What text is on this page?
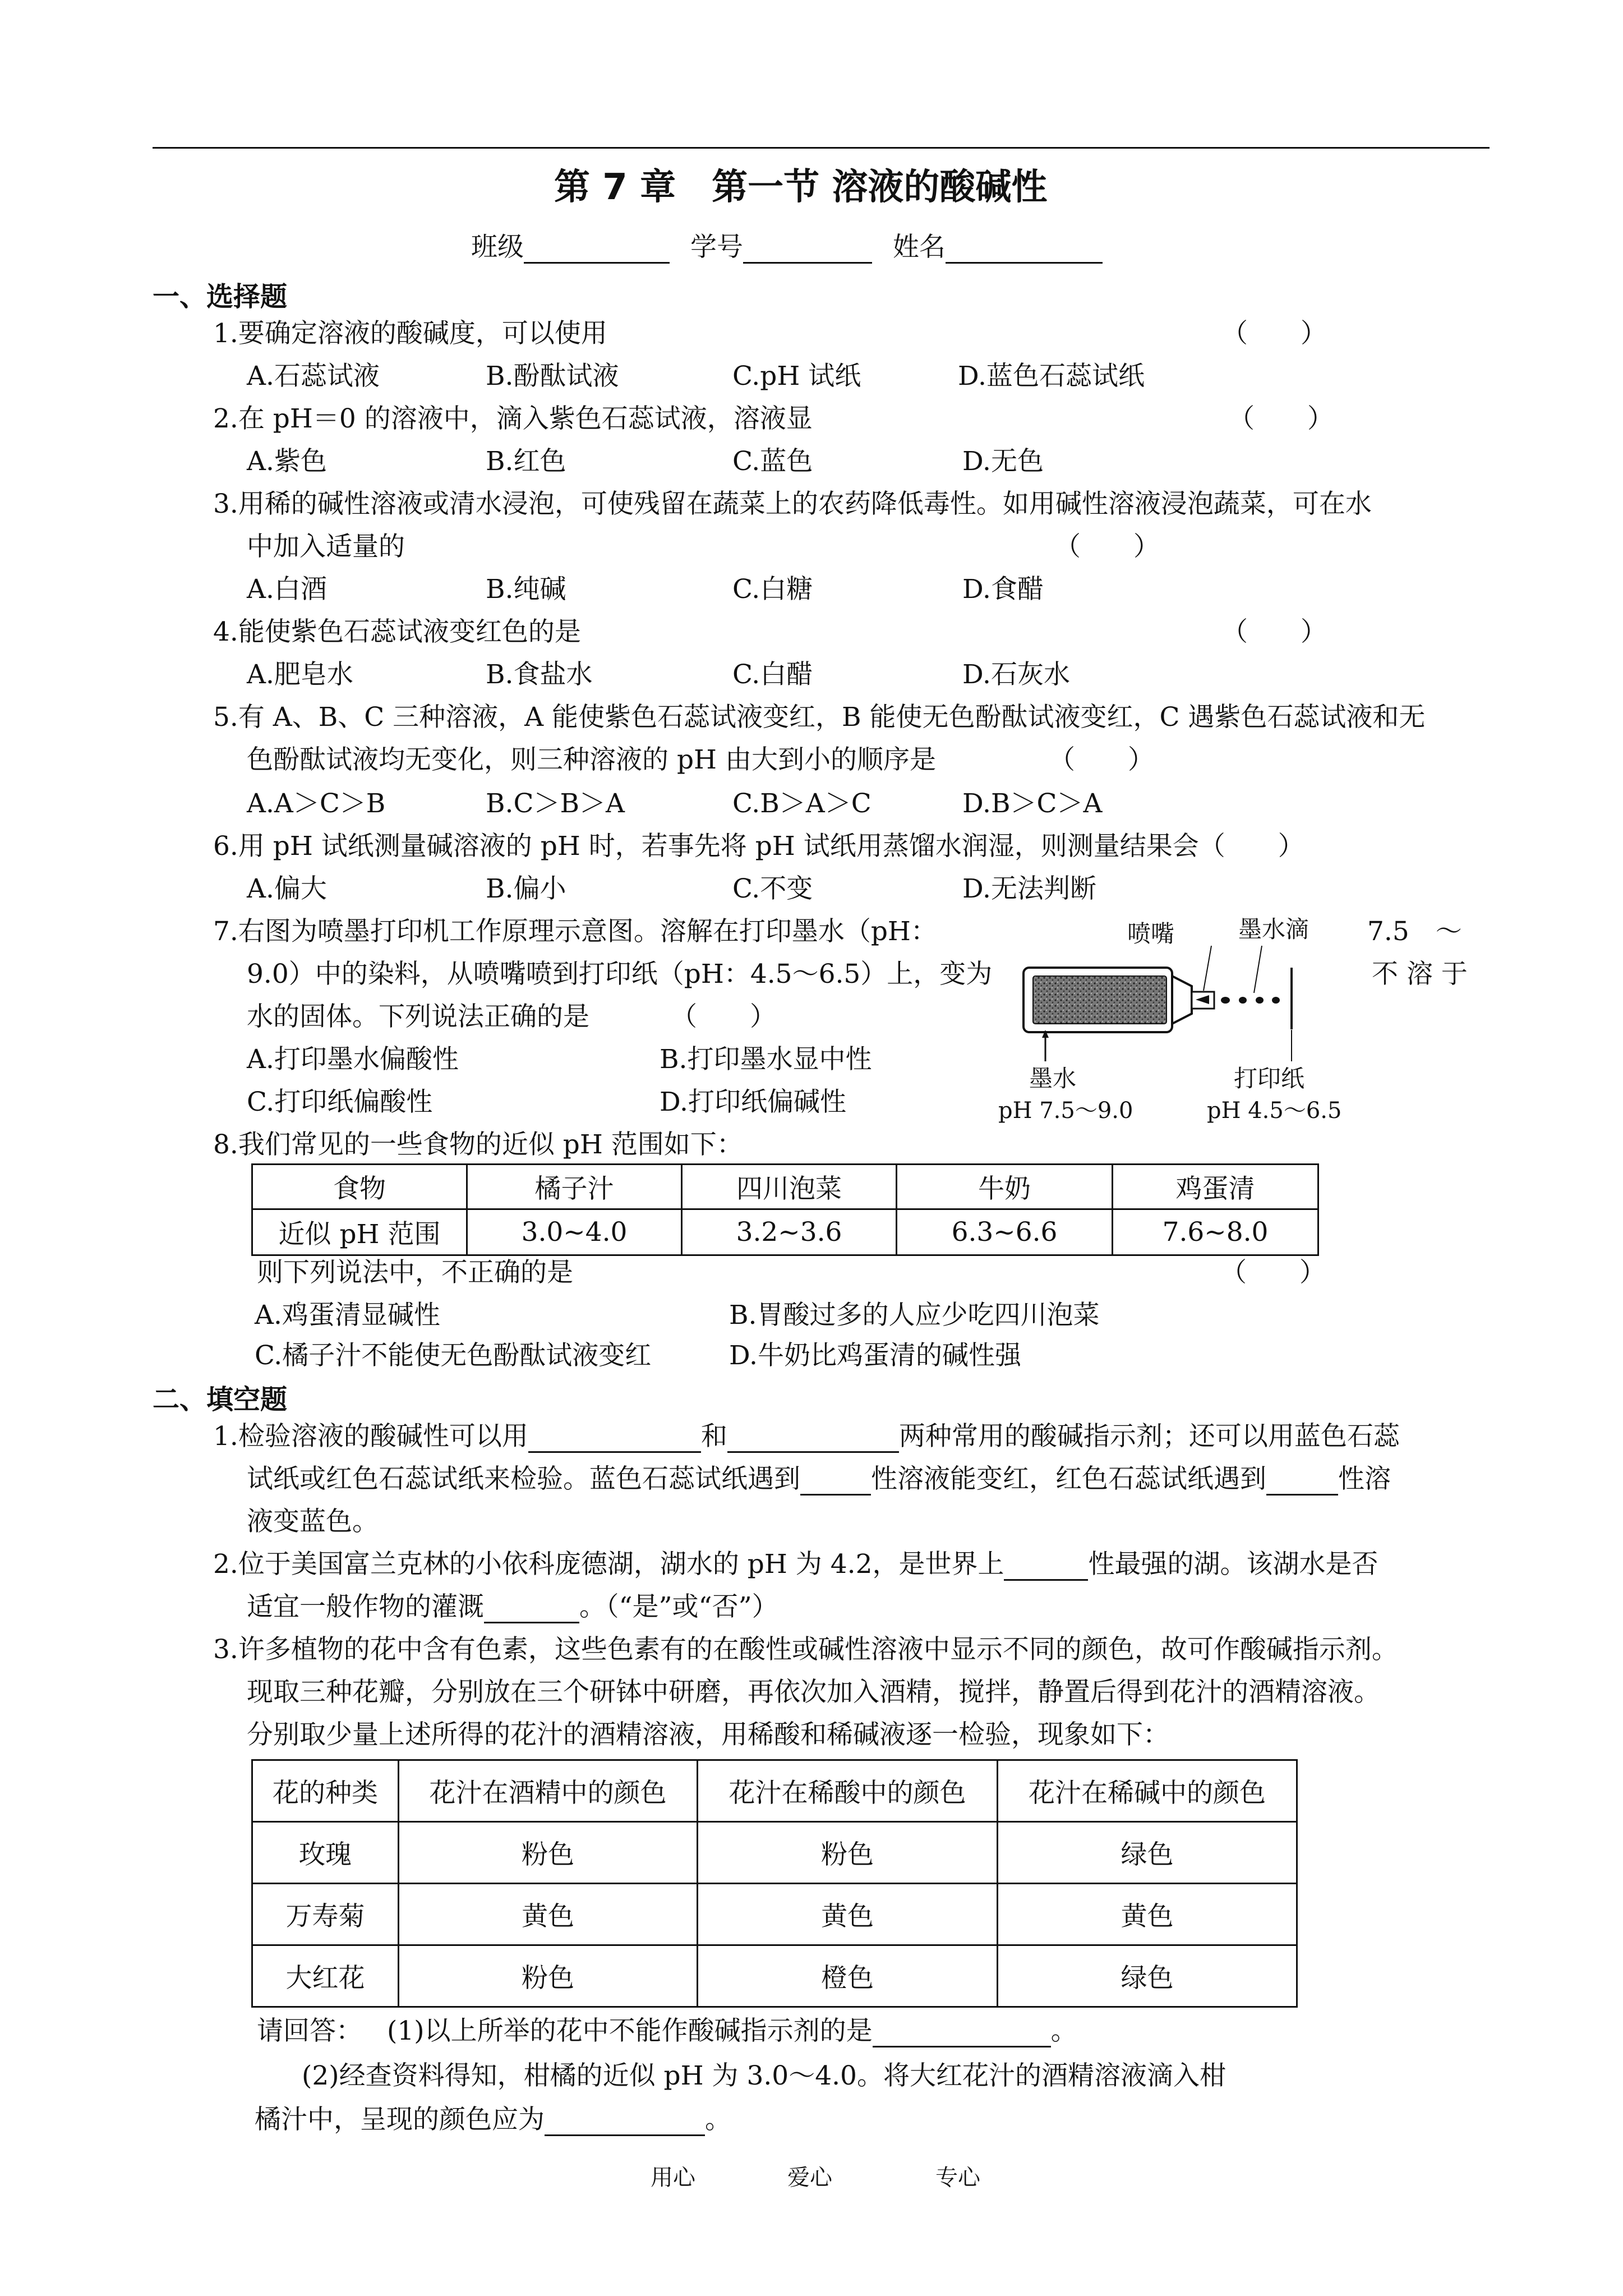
第 7 章　第一节 溶液的酸碱性
班级	学号	姓名
一、选择题
1.要确定溶液的酸碱度，可以使用	（　　）
A.石蕊试液	B.酚酞试液	C.pH 试纸	D.蓝色石蕊试纸
2.在 pH＝0 的溶液中，滴入紫色石蕊试液，溶液显	（　　）
A.紫色	B.红色	C.蓝色	D.无色
3.用稀的碱性溶液或清水浸泡，可使残留在蔬菜上的农药降低毒性。如用碱性溶液浸泡蔬菜，可在水
中加入适量的	（　　）
A.白酒	B.纯碱	C.白糖	D.食醋
4.能使紫色石蕊试液变红色的是	（　　）
A.肥皂水	B.食盐水	C.白醋	D.石灰水
5.有 A、B、C 三种溶液，A 能使紫色石蕊试液变红，B 能使无色酚酞试液变红，C 遇紫色石蕊试液和无
色酚酞试液均无变化，则三种溶液的 pH 由大到小的顺序是	（　　）
A.A＞C＞B	B.C＞B＞A	C.B＞A＞C	D.B＞C＞A
6.用 pH 试纸测量碱溶液的 pH 时，若事先将 pH 试纸用蒸馏水润湿，则测量结果会（　　）
A.偏大	B.偏小	C.不变	D.无法判断
7.右图为喷墨打印机工作原理示意图。溶解在打印墨水（pH：	7.5　～
9.0）中的染料，从喷嘴喷到打印纸（pH：4.5～6.5）上，变为	不 溶 于
水的固体。下列说法正确的是	（　　）
A.打印墨水偏酸性	B.打印墨水显中性
C.打印纸偏酸性	D.打印纸偏碱性
喷嘴	墨水滴
墨水
pH 7.5～9.0
打印纸
pH 4.5～6.5
8.我们常见的一些食物的近似 pH 范围如下：
食物	橘子汁	四川泡菜	牛奶	鸡蛋清
近似 pH 范围	3.0~4.0	3.2~3.6	6.3~6.6	7.6~8.0
则下列说法中，不正确的是	（　　）
A.鸡蛋清显碱性	B.胃酸过多的人应少吃四川泡菜
C.橘子汁不能使无色酚酞试液变红	D.牛奶比鸡蛋清的碱性强
二、填空题
1.检验溶液的酸碱性可以用	和	两种常用的酸碱指示剂；还可以用蓝色石蕊
试纸或红色石蕊试纸来检验。蓝色石蕊试纸遇到	性溶液能变红，红色石蕊试纸遇到	性溶
液变蓝色。
2.位于美国富兰克林的小依科庞德湖，湖水的 pH 为 4.2，是世界上	性最强的湖。该湖水是否
适宜一般作物的灌溉	。（“是”或“否”）
3.许多植物的花中含有色素，这些色素有的在酸性或碱性溶液中显示不同的颜色，故可作酸碱指示剂。
现取三种花瓣，分别放在三个研钵中研磨，再依次加入酒精，搅拌，静置后得到花汁的酒精溶液。
分别取少量上述所得的花汁的酒精溶液，用稀酸和稀碱液逐一检验，现象如下：
花的种类	花汁在酒精中的颜色	花汁在稀酸中的颜色	花汁在稀碱中的颜色
玫瑰	粉色	粉色	绿色
万寿菊	黄色	黄色	黄色
大红花	粉色	橙色	绿色
请回答： (1)以上所举的花中不能作酸碱指示剂的是	。
(2)经查资料得知，柑橘的近似 pH 为 3.0～4.0。将大红花汁的酒精溶液滴入柑
橘汁中，呈现的颜色应为	。
用心	爱心	专心
